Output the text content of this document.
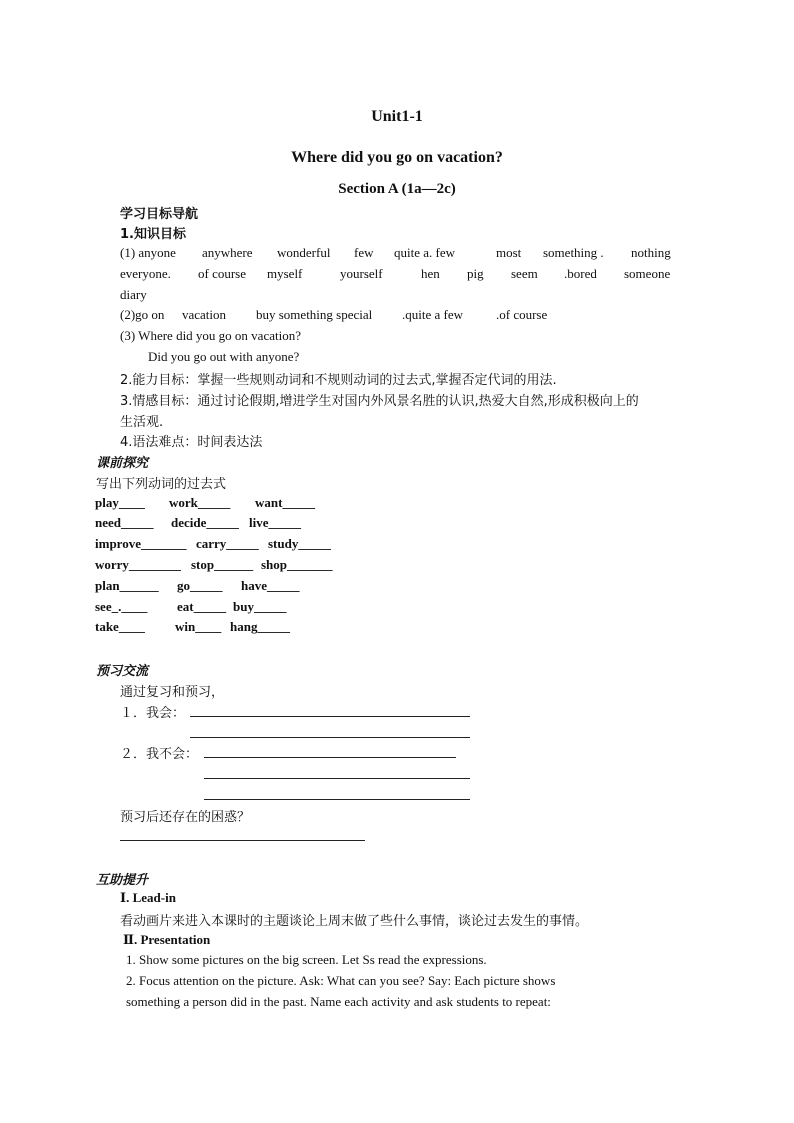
Unit1-1
Where did you go on vacation?
Section A (1a—2c)
学习目标导航
1.知识目标
(1) anyone	anywhere	wonderful	few	quite a. few	most	something .	nothing
everyone.	of course	myself	yourself	hen	pig	seem	.bored	someone
diary
(2)go on	vacation	buy something special	.quite a few	.of course
(3) Where did you go on vacation?
Did you go out with anyone?
2.能力目标：掌握一些规则动词和不规则动词的过去式,掌握否定代词的用法.
3.情感目标：通过讨论假期,增进学生对国内外风景名胜的认识,热爱大自然,形成积极向上的
生活观.
4.语法难点：时间表达法
课前探究
写出下列动词的过去式
play____	work_____	want_____
need_____	decide_____ live_____
improve_______ carry_____ study_____
worry________ stop______ shop_______
plan______	go_____	have_____
see_.____	eat_____ buy_____
take____	win____ hang_____
预习交流
通过复习和预习，
１．我会：
２．我不会：
预习后还存在的困惑？
互助提升
Ⅰ. Lead-in
看动画片来进入本课时的主题谈论上周末做了些什么事情，谈论过去发生的事情。
Ⅱ. Presentation
1. Show some pictures on the big screen. Let Ss read the expressions.
2. Focus attention on the picture. Ask: What can you see? Say: Each picture shows
something a person did in the past. Name each activity and ask students to repeat:
